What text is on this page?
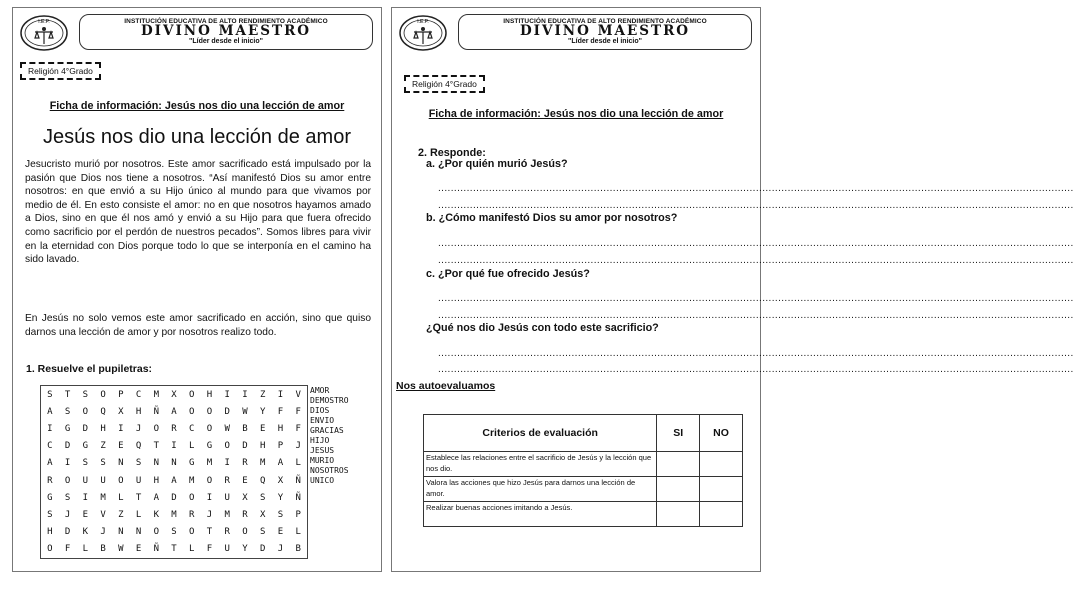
I.E.P.	INSTITUCIÓN EDUCATIVA DE ALTO RENDIMIENTO ACADÉMICO
DIVINO MAESTRO
"Líder desde el inicio"
Religión 4°Grado
Ficha de información: Jesús nos dio una lección de amor
Jesús nos dio una lección de amor

Jesucristo murió por nosotros. Este amor sacrificado está impulsado por la pasión que Dios nos tiene a nosotros. “Así manifestó Dios su amor entre nosotros: en que envió a su Hijo único al mundo para que vivamos por medio de él. En esto consiste el amor: no en que nosotros hayamos amado a Dios, sino en que él nos amó y envió a su Hijo para que fuera ofrecido como sacrificio por el perdón de nuestros pecados”. Somos libres para vivir en la eternidad con Dios porque todo lo que se interponía en el camino ha sido lavado.

En Jesús no solo vemos este amor sacrificado en acción, sino que quiso darnos una lección de amor y por nosotros realizo todo.

1. Resuelve el pupiletras:
S	T	S	O	P	C	M	X	O	H	I	I	Z	I	V
A	S	O	Q	X	H	Ñ	A	O	O	D	W	Y	F	F
I	G	D	H	I	J	O	R	C	O	W	B	E	H	F
C	D	G	Z	E	Q	T	I	L	G	O	D	H	P	J
A	I	S	S	N	S	N	N	G	M	I	R	M	A	L
R	O	U	U	O	U	H	A	M	O	R	E	Q	X	Ñ
G	S	I	M	L	T	A	D	O	I	U	X	S	Y	Ñ
S	J	E	V	Z	L	K	M	R	J	M	R	X	S	P
H	D	K	J	N	N	O	S	O	T	R	O	S	E	L
O	F	L	B	W	E	Ñ	T	L	F	U	Y	D	J	B
AMOR
DEMOSTRO
DIOS
ENVIO
GRACIAS
HIJO
JESUS
MURIO
NOSOTROS
UNICO
I.E.P.	INSTITUCIÓN EDUCATIVA DE ALTO RENDIMIENTO ACADÉMICO
DIVINO MAESTRO
"Líder desde el inicio"
Religión 4°Grado
Ficha de información: Jesús nos dio una lección de amor
2. Responde:
a. ¿Por quién murió Jesús?
........................................................................................................................................................................................................
........................................................................................................................................................................................................
b. ¿Cómo manifestó Dios su amor por nosotros?
........................................................................................................................................................................................................
........................................................................................................................................................................................................
c. ¿Por qué fue ofrecido Jesús?
........................................................................................................................................................................................................
........................................................................................................................................................................................................
¿Qué nos dio Jesús con todo este sacrificio?
........................................................................................................................................................................................................
........................................................................................................................................................................................................
Nos autoevaluamos
Criterios de evaluación	SI	NO
Establece las relaciones entre el sacrificio de Jesús y la lección que nos dio.		
Valora las acciones que hizo Jesús para darnos una lección de amor.		
Realizar buenas acciones imitando a Jesús.		
